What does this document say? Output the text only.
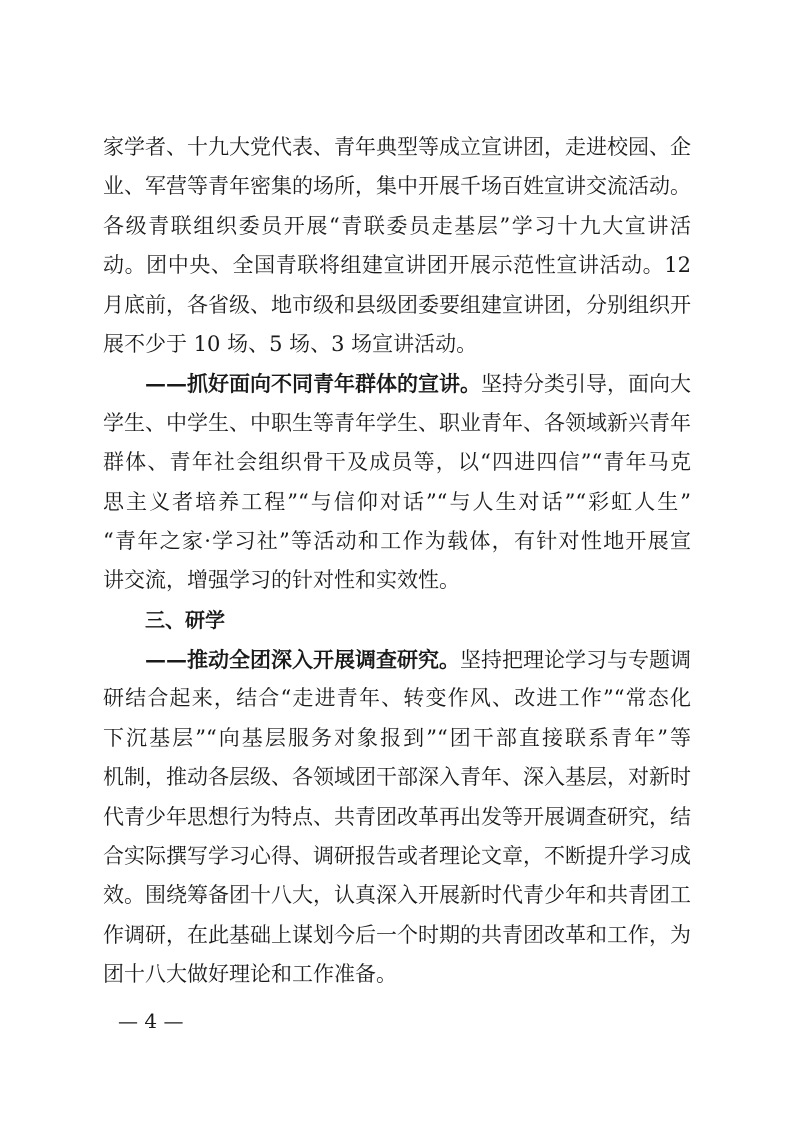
家学者、十九大党代表、青年典型等成立宣讲团，走进校园、企
业、军营等青年密集的场所，集中开展千场百姓宣讲交流活动。
各级青联组织委员开展“青联委员走基层”学习十九大宣讲活
动。团中央、全国青联将组建宣讲团开展示范性宣讲活动。12
月底前，各省级、地市级和县级团委要组建宣讲团，分别组织开
展不少于 10 场、5 场、3 场宣讲活动。
——抓好面向不同青年群体的宣讲。坚持分类引导，面向大
学生、中学生、中职生等青年学生、职业青年、各领域新兴青年
群体、青年社会组织骨干及成员等，以“四进四信”“青年马克
思主义者培养工程”“与信仰对话”“与人生对话”“彩虹人生”
“青年之家·学习社”等活动和工作为载体，有针对性地开展宣
讲交流，增强学习的针对性和实效性。
三、研学
——推动全团深入开展调查研究。坚持把理论学习与专题调
研结合起来，结合“走进青年、转变作风、改进工作”“常态化
下沉基层”“向基层服务对象报到”“团干部直接联系青年”等
机制，推动各层级、各领域团干部深入青年、深入基层，对新时
代青少年思想行为特点、共青团改革再出发等开展调查研究，结
合实际撰写学习心得、调研报告或者理论文章，不断提升学习成
效。围绕筹备团十八大，认真深入开展新时代青少年和共青团工
作调研，在此基础上谋划今后一个时期的共青团改革和工作，为
团十八大做好理论和工作准备。
— 4 —
